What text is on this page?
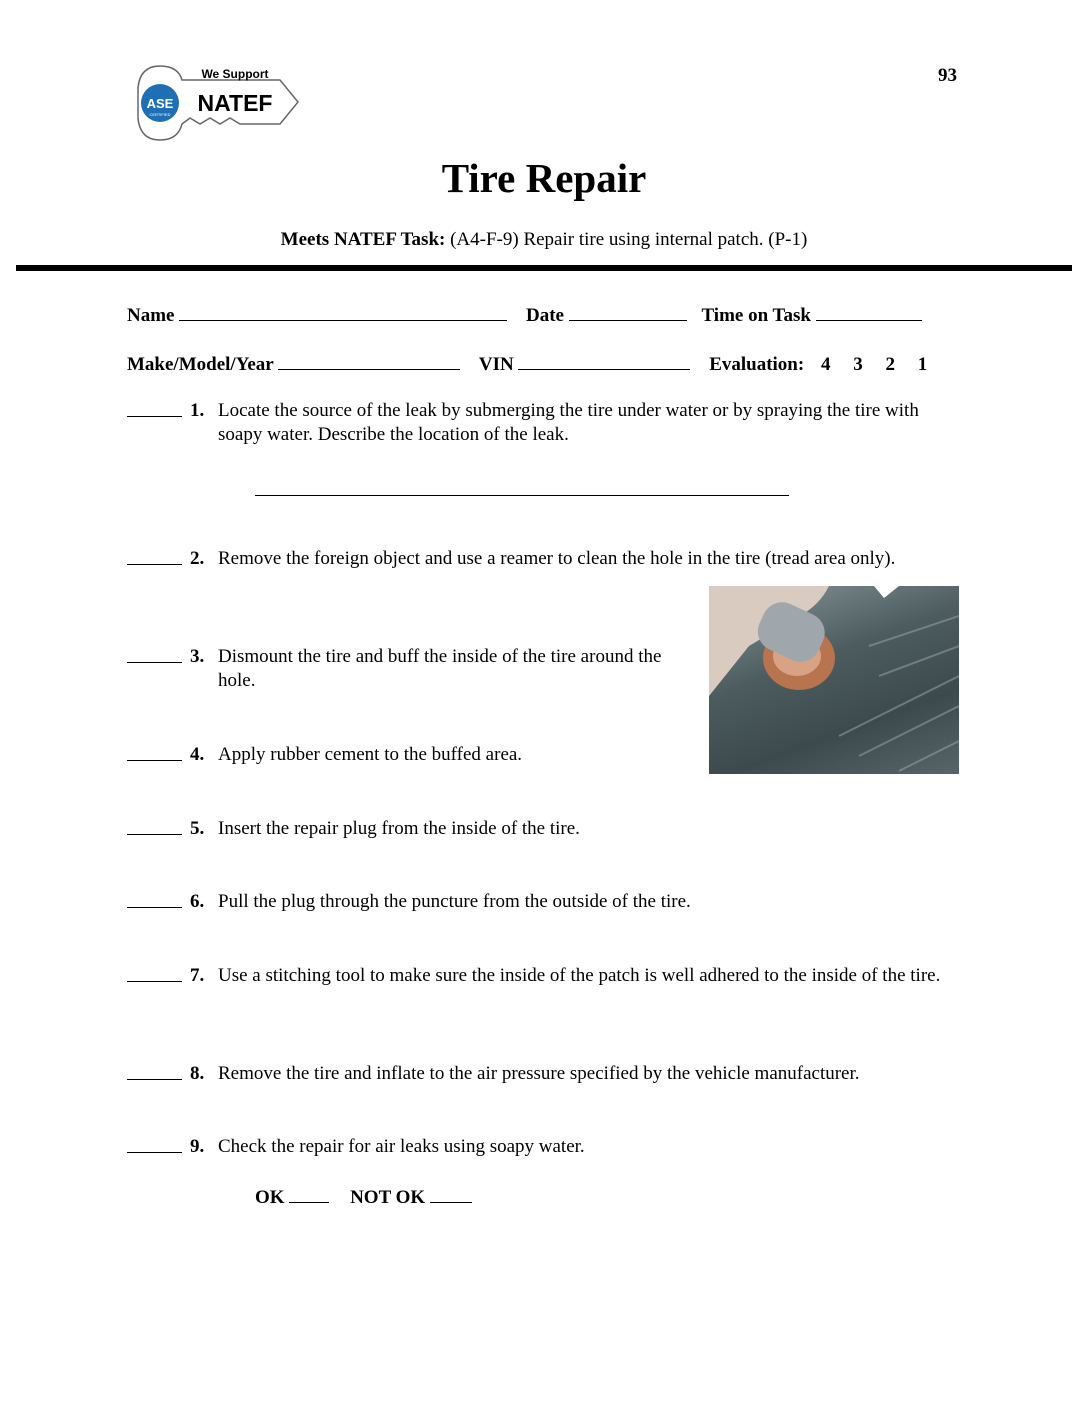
ASE
CERTIFIED
We Support
NATEF
93
Tire Repair
Meets NATEF Task: (A4-F-9) Repair tire using internal patch. (P-1)
Name	Date	Time on Task
Make/Model/Year	VIN	Evaluation: 4 3 2 1
1. Locate the source of the leak by submerging the tire under water or by spraying the tire with soapy water. Describe the location of the leak.
2. Remove the foreign object and use a reamer to clean the hole in the tire (tread area only).
3. Dismount the tire and buff the inside of the tire around the hole.
4. Apply rubber cement to the buffed area.
5. Insert the repair plug from the inside of the tire.
6. Pull the plug through the puncture from the outside of the tire.
7. Use a stitching tool to make sure the inside of the patch is well adhered to the inside of the tire.
8. Remove the tire and inflate to the air pressure specified by the vehicle manufacturer.
9. Check the repair for air leaks using soapy water.
OK	NOT OK
